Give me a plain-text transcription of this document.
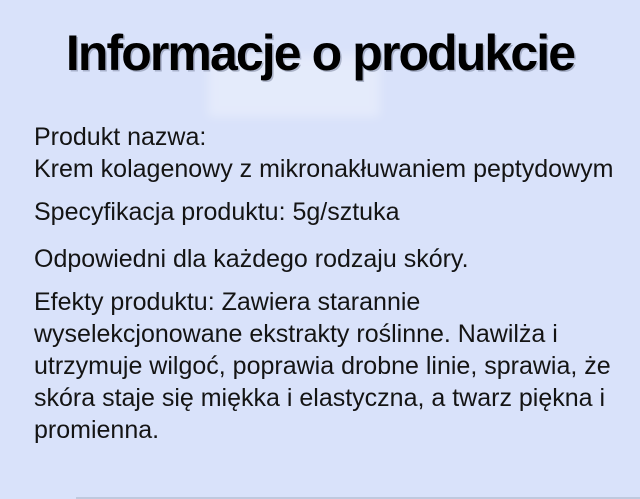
Informacje o produkcie
Produkt nazwa:
Krem kolagenowy z mikronakłuwaniem peptydowym
Specyfikacja produktu: 5g/sztuka
Odpowiedni dla każdego rodzaju skóry.
Efekty produktu: Zawiera starannie
wyselekcjonowane ekstrakty roślinne. Nawilża i
utrzymuje wilgoć, poprawia drobne linie, sprawia, że
skóra staje się miękka i elastyczna, a twarz piękna i
promienna.
